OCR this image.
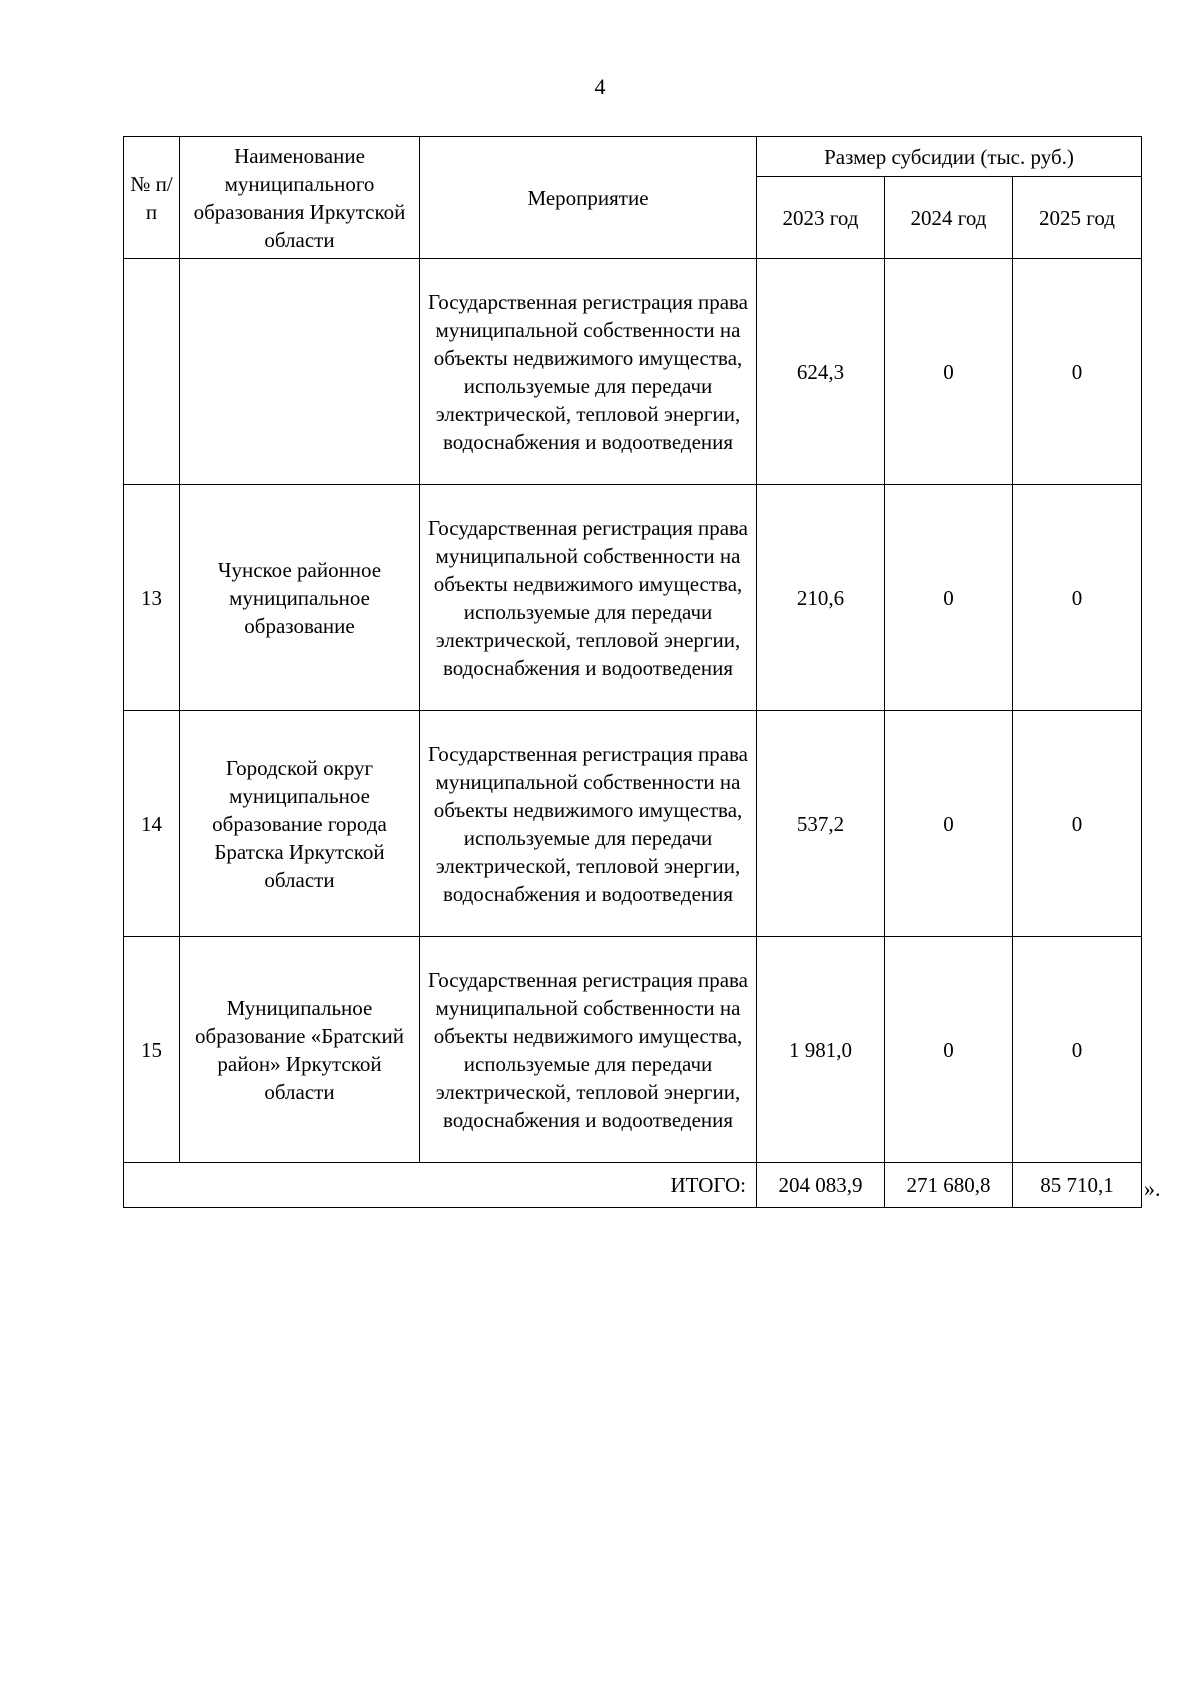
4
№ п/п	Наименование муниципального образования Иркутской области	Мероприятие	Размер субсидии (тыс. руб.)		
			2023 год	2024 год	2025 год
		Государственная регистрация права муниципальной собственности на объекты недвижимого имущества, используемые для передачи электрической, тепловой энергии, водоснабжения и водоотведения	624,3	0	0
13	Чунское районное муниципальное образование	Государственная регистрация права муниципальной собственности на объекты недвижимого имущества, используемые для передачи электрической, тепловой энергии, водоснабжения и водоотведения	210,6	0	0
14	Городской округ муниципальное образование города Братска Иркутской области	Государственная регистрация права муниципальной собственности на объекты недвижимого имущества, используемые для передачи электрической, тепловой энергии, водоснабжения и водоотведения	537,2	0	0
15	Муниципальное образование «Братский район» Иркутской области	Государственная регистрация права муниципальной собственности на объекты недвижимого имущества, используемые для передачи электрической, тепловой энергии, водоснабжения и водоотведения	1 981,0	0	0
ИТОГО:			204 083,9	271 680,8	85 710,1 ».
